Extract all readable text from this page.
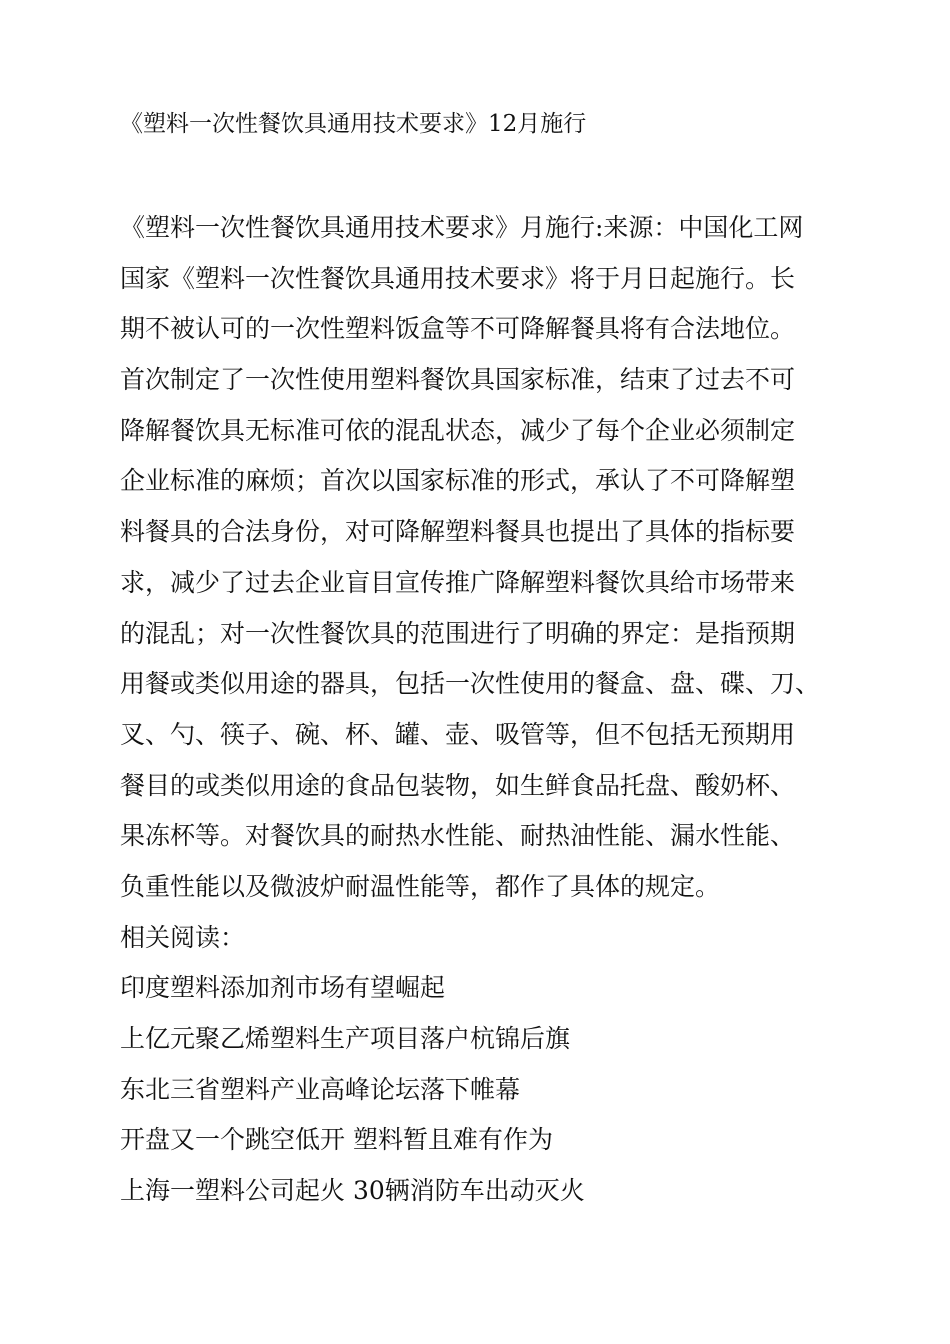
《塑料一次性餐饮具通用技术要求》12月施行
《塑料一次性餐饮具通用技术要求》月施行:来源：中国化工网
国家《塑料一次性餐饮具通用技术要求》将于月日起施行。长
期不被认可的一次性塑料饭盒等不可降解餐具将有合法地位。
首次制定了一次性使用塑料餐饮具国家标准，结束了过去不可
降解餐饮具无标准可依的混乱状态，减少了每个企业必须制定
企业标准的麻烦；首次以国家标准的形式，承认了不可降解塑
料餐具的合法身份，对可降解塑料餐具也提出了具体的指标要
求，减少了过去企业盲目宣传推广降解塑料餐饮具给市场带来
的混乱；对一次性餐饮具的范围进行了明确的界定：是指预期
用餐或类似用途的器具，包括一次性使用的餐盒、盘、碟、刀、
叉、勺、筷子、碗、杯、罐、壶、吸管等，但不包括无预期用
餐目的或类似用途的食品包装物，如生鲜食品托盘、酸奶杯、
果冻杯等。对餐饮具的耐热水性能、耐热油性能、漏水性能、
负重性能以及微波炉耐温性能等，都作了具体的规定。
相关阅读：
印度塑料添加剂市场有望崛起
上亿元聚乙烯塑料生产项目落户杭锦后旗
东北三省塑料产业高峰论坛落下帷幕
开盘又一个跳空低开 塑料暂且难有作为
上海一塑料公司起火 30辆消防车出动灭火
